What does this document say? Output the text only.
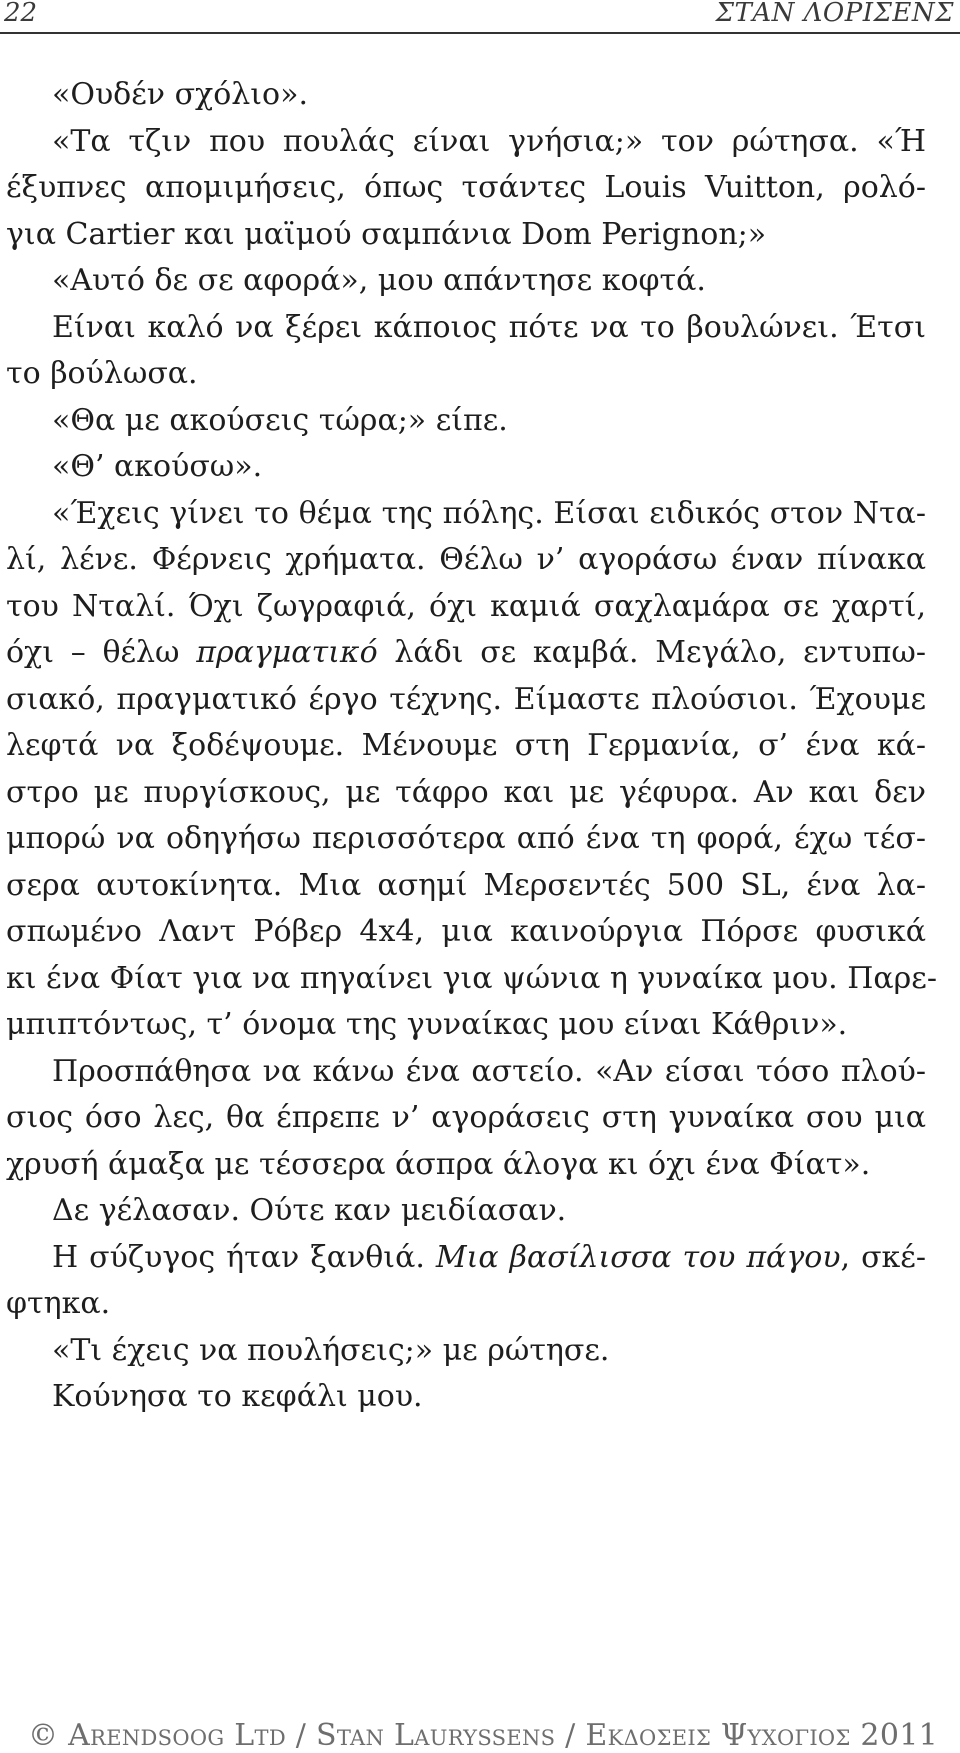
22	ΣΤΑΝ ΛΟΡΙΣΕΝΣ
«Ουδέν σχόλιο».
«Τα τζιν που πουλάς είναι γνήσια;» τον ρώτησα. «Ή
έξυπνες απομιμήσεις, όπως τσάντες Louis Vuitton, ρολό-
για Cartier και μαϊμού σαμπάνια Dom Perignon;»
«Αυτό δε σε αφορά», μου απάντησε κοφτά.
Είναι καλό να ξέρει κάποιος πότε να το βουλώνει. Έτσι
το βούλωσα.
«Θα με ακούσεις τώρα;» είπε.
«Θ’ ακούσω».
«Έχεις γίνει το θέμα της πόλης. Είσαι ειδικός στον Ντα-
λί, λένε. Φέρνεις χρήματα. Θέλω ν’ αγοράσω έναν πίνακα
του Νταλί. Όχι ζωγραφιά, όχι καμιά σαχλαμάρα σε χαρτί,
όχι – θέλω πραγματικό λάδι σε καμβά. Μεγάλο, εντυπω-
σιακό, πραγματικό έργο τέχνης. Είμαστε πλούσιοι. Έχουμε
λεφτά να ξοδέψουμε. Μένουμε στη Γερμανία, σ’ ένα κά-
στρο με πυργίσκους, με τάφρο και με γέφυρα. Αν και δεν
μπορώ να οδηγήσω περισσότερα από ένα τη φορά, έχω τέσ-
σερα αυτοκίνητα. Μια ασημί Μερσεντές 500 SL, ένα λα-
σπωμένο Λαντ Ρόβερ 4x4, μια καινούργια Πόρσε φυσικά
κι ένα Φίατ για να πηγαίνει για ψώνια η γυναίκα μου. Παρε-
μπιπτόντως, τ’ όνομα της γυναίκας μου είναι Κάθριν».
Προσπάθησα να κάνω ένα αστείο. «Αν είσαι τόσο πλού-
σιος όσο λες, θα έπρεπε ν’ αγοράσεις στη γυναίκα σου μια
χρυσή άμαξα με τέσσερα άσπρα άλογα κι όχι ένα Φίατ».
Δε γέλασαν. Ούτε καν μειδίασαν.
Η σύζυγος ήταν ξανθιά. Μια βασίλισσα του πάγου, σκέ-
φτηκα.
«Τι έχεις να πουλήσεις;» με ρώτησε.
Κούνησα το κεφάλι μου.
© Arendsoog Ltd / Stan Lauryssens / Εκδοσεισ Ψυχογιοσ 2011
